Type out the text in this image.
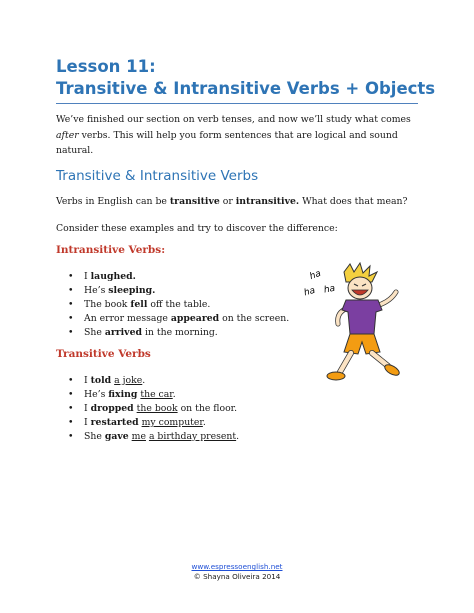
Lesson 11:
Transitive & Intransitive Verbs + Objects
We’ve finished our section on verb tenses, and now we’ll study what comes after verbs. This will help you form sentences that are logical and sound natural.
Transitive & Intransitive Verbs
Verbs in English can be transitive or intransitive. What does that mean?
Consider these examples and try to discover the difference:
Intransitive Verbs:
• I laughed.
• He’s sleeping.
• The book fell off the table.
• An error message appeared on the screen.
• She arrived in the morning.
Transitive Verbs
• I told a joke.
• He’s fixing the car.
• I dropped the book on the floor.
• I restarted my computer.
• She gave me a birthday present.
ha
ha ha
www.espressoenglish.net
© Shayna Oliveira 2014
